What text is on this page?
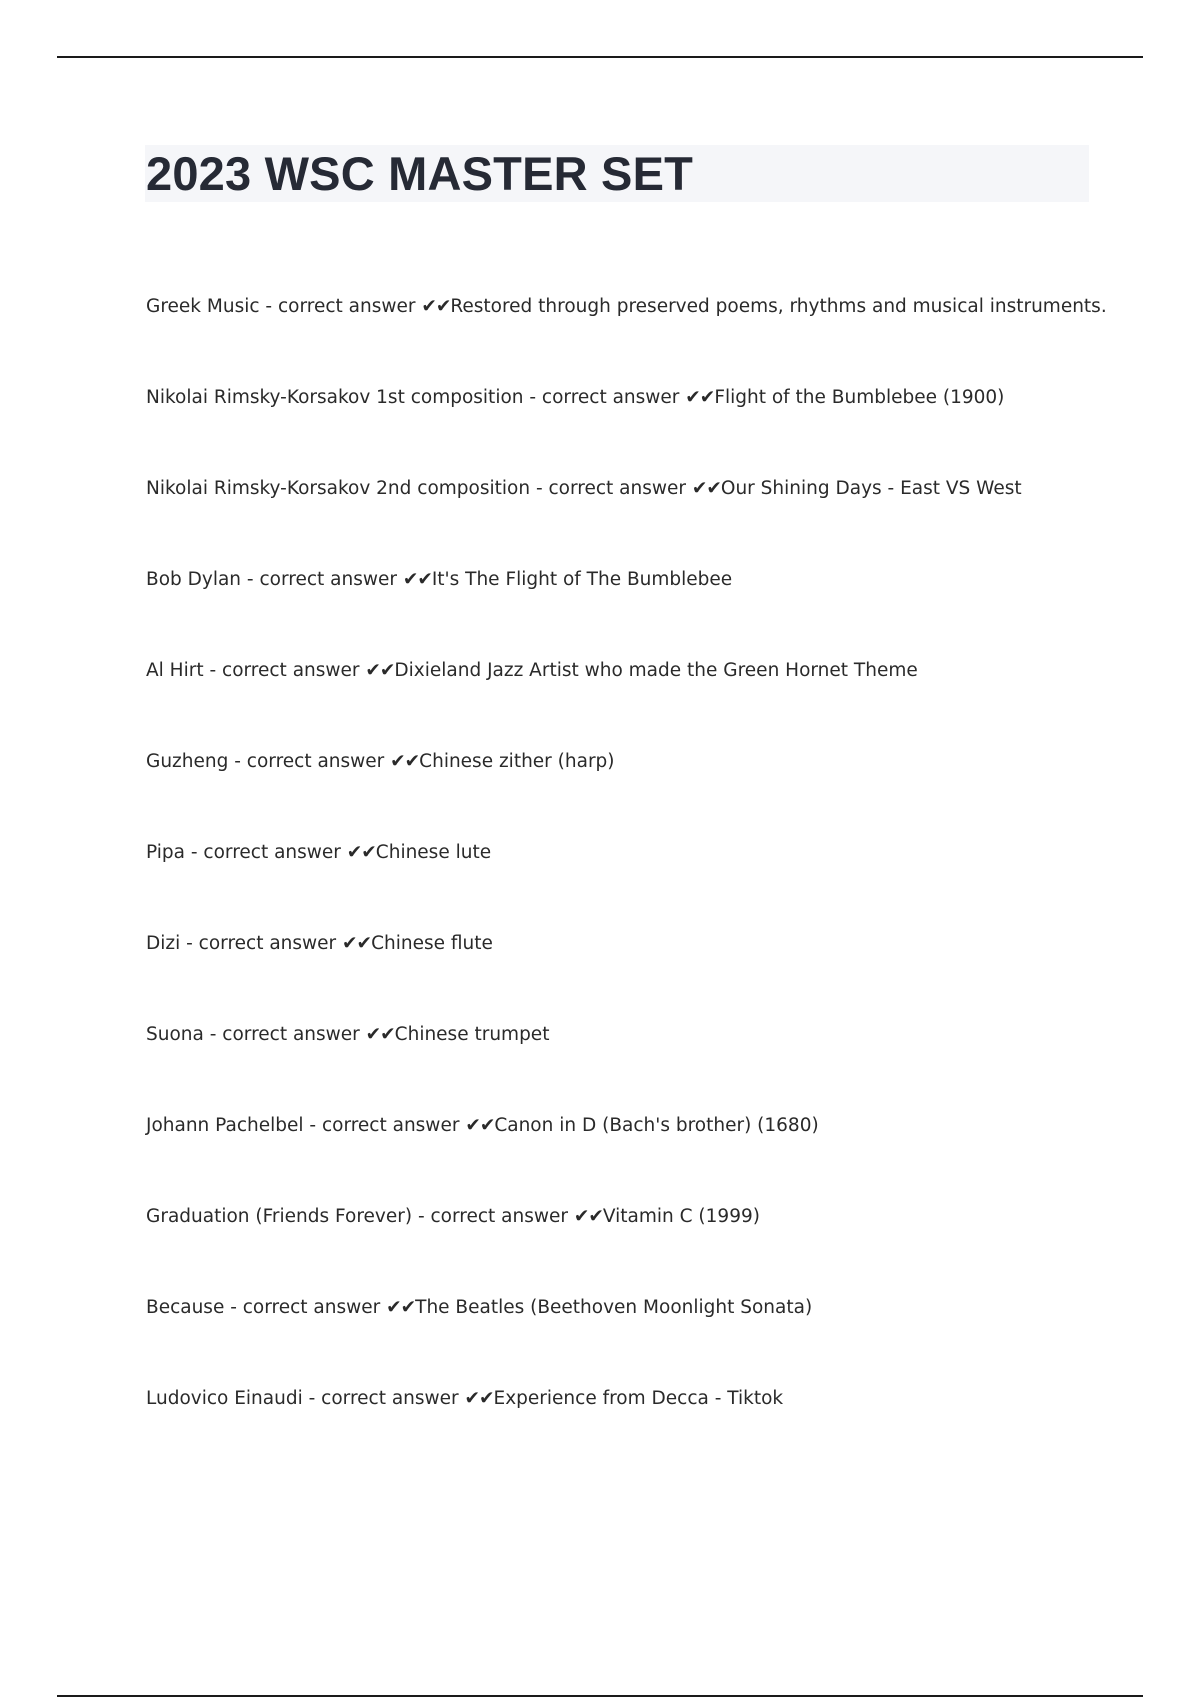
2023 WSC MASTER SET
Greek Music - correct answer ✔✔Restored through preserved poems, rhythms and musical instruments.
Nikolai Rimsky-Korsakov 1st composition - correct answer ✔✔Flight of the Bumblebee (1900)
Nikolai Rimsky-Korsakov 2nd composition - correct answer ✔✔Our Shining Days - East VS West
Bob Dylan - correct answer ✔✔It's The Flight of The Bumblebee
Al Hirt - correct answer ✔✔Dixieland Jazz Artist who made the Green Hornet Theme
Guzheng - correct answer ✔✔Chinese zither (harp)
Pipa - correct answer ✔✔Chinese lute
Dizi - correct answer ✔✔Chinese flute
Suona - correct answer ✔✔Chinese trumpet
Johann Pachelbel - correct answer ✔✔Canon in D (Bach's brother) (1680)
Graduation (Friends Forever) - correct answer ✔✔Vitamin C (1999)
Because - correct answer ✔✔The Beatles (Beethoven Moonlight Sonata)
Ludovico Einaudi - correct answer ✔✔Experience from Decca - Tiktok
